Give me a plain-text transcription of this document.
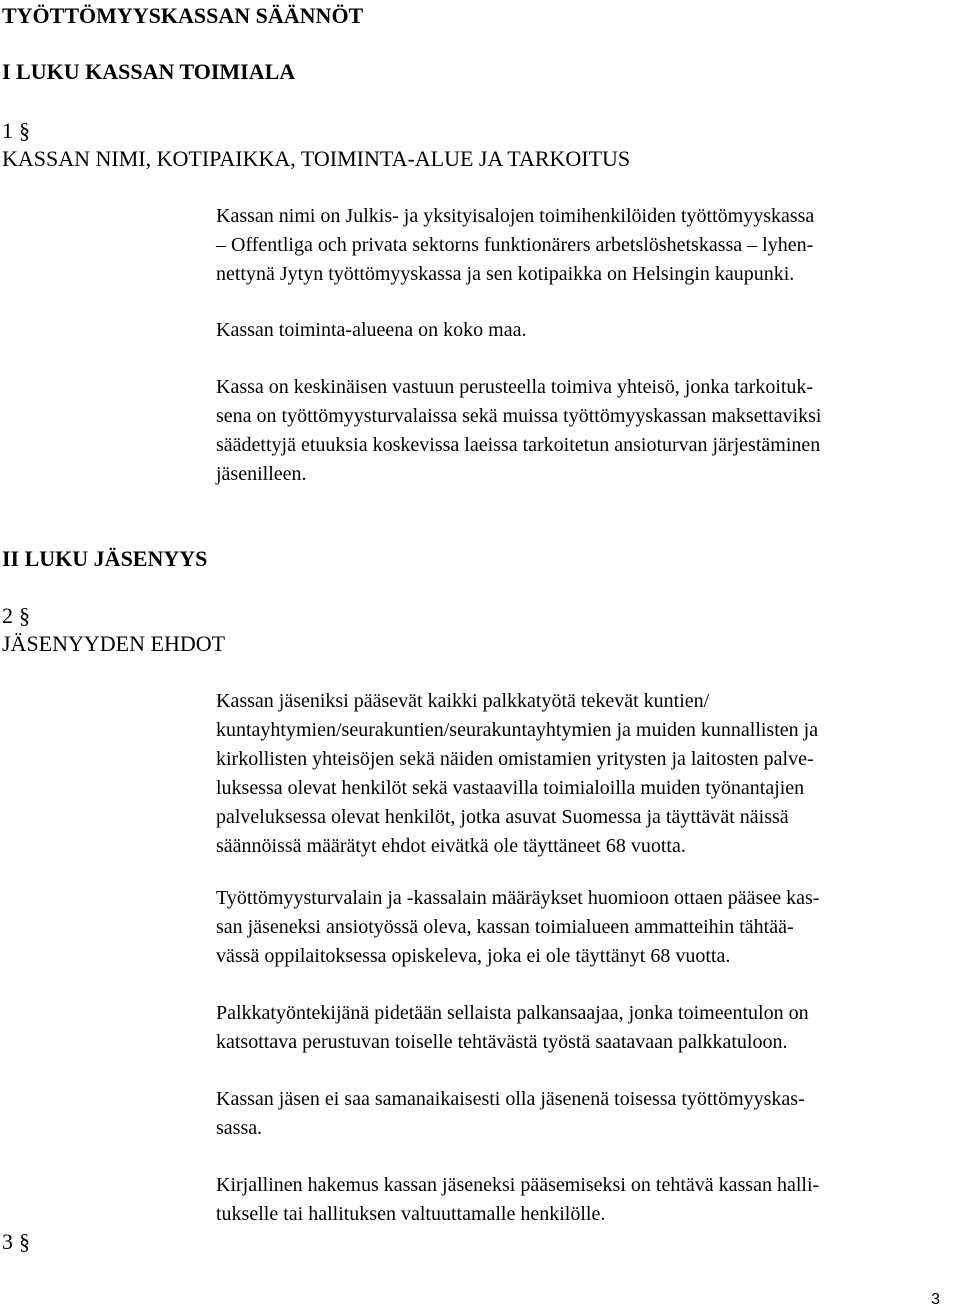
TYÖTTÖMYYSKASSAN SÄÄNNÖT
I LUKU KASSAN TOIMIALA
1 §
KASSAN NIMI, KOTIPAIKKA, TOIMINTA-ALUE JA TARKOITUS
Kassan nimi on Julkis- ja yksityisalojen toimihenkilöiden työttömyyskassa
– Offentliga och privata sektorns funktionärers arbetslöshetskassa – lyhen-
nettynä Jytyn työttömyyskassa ja sen kotipaikka on Helsingin kaupunki.
Kassan toiminta-alueena on koko maa.
Kassa on keskinäisen vastuun perusteella toimiva yhteisö, jonka tarkoituk-
sena on työttömyysturvalaissa sekä muissa työttömyyskassan maksettaviksi
säädettyjä etuuksia koskevissa laeissa tarkoitetun ansioturvan järjestäminen
jäsenilleen.
II LUKU JÄSENYYS
2 §
JÄSENYYDEN EHDOT
Kassan jäseniksi pääsevät kaikki palkkatyötä tekevät kuntien/
kuntayhtymien/seurakuntien/seurakuntayhtymien ja muiden kunnallisten ja
kirkollisten yhteisöjen sekä näiden omistamien yritysten ja laitosten palve-
luksessa olevat henkilöt sekä vastaavilla toimialoilla muiden työnantajien
palveluksessa olevat henkilöt, jotka asuvat Suomessa ja täyttävät näissä
säännöissä määrätyt ehdot eivätkä ole täyttäneet 68 vuotta.
Työttömyysturvalain ja -kassalain määräykset huomioon ottaen pääsee kas-
san jäseneksi ansiotyössä oleva, kassan toimialueen ammatteihin tähtää-
vässä oppilaitoksessa opiskeleva, joka ei ole täyttänyt 68 vuotta.
Palkkatyöntekijänä pidetään sellaista palkansaajaa, jonka toimeentulon on
katsottava perustuvan toiselle tehtävästä työstä saatavaan palkkatuloon.
Kassan jäsen ei saa samanaikaisesti olla jäsenenä toisessa työttömyyskas-
sassa.
Kirjallinen hakemus kassan jäseneksi pääsemiseksi on tehtävä kassan halli-
tukselle tai hallituksen valtuuttamalle henkilölle.
3 §
3
